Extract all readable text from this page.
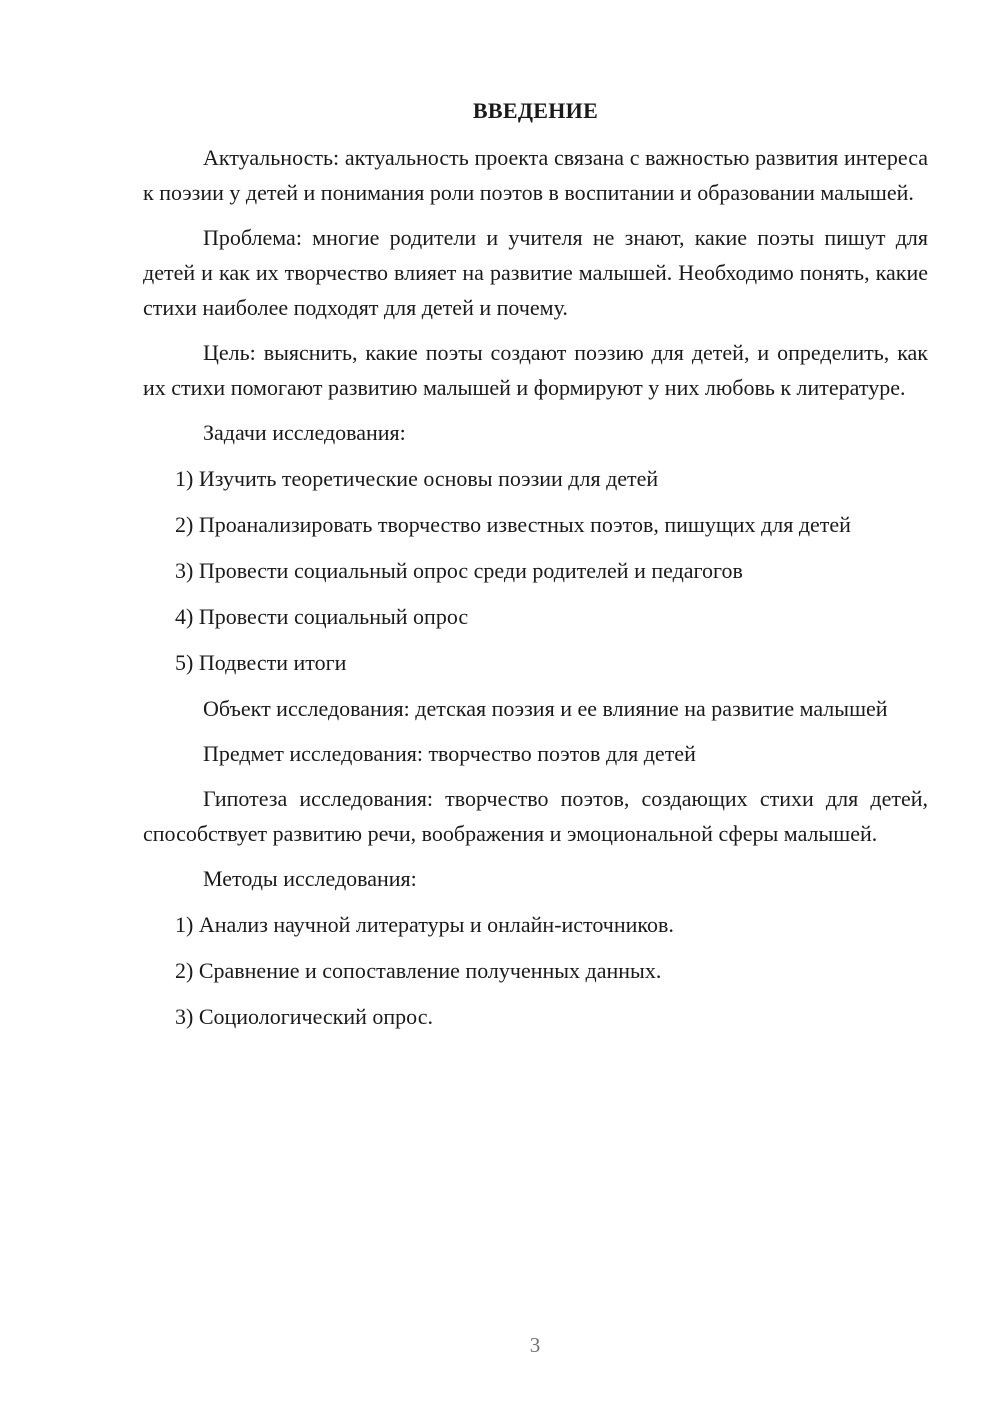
ВВЕДЕНИЕ

Актуальность: актуальность проекта связана с важностью развития интереса к поэзии у детей и понимания роли поэтов в воспитании и образовании малышей.

Проблема: многие родители и учителя не знают, какие поэты пишут для детей и как их творчество влияет на развитие малышей. Необходимо понять, какие стихи наиболее подходят для детей и почему.

Цель: выяснить, какие поэты создают поэзию для детей, и определить, как их стихи помогают развитию малышей и формируют у них любовь к литературе.

Задачи исследования:

1) Изучить теоретические основы поэзии для детей

2) Проанализировать творчество известных поэтов, пишущих для детей

3) Провести социальный опрос среди родителей и педагогов

4) Провести социальный опрос

5) Подвести итоги

Объект исследования: детская поэзия и ее влияние на развитие малышей

Предмет исследования: творчество поэтов для детей

Гипотеза исследования: творчество поэтов, создающих стихи для детей, способствует развитию речи, воображения и эмоциональной сферы малышей.

Методы исследования:

1) Анализ научной литературы и онлайн-источников.

2) Сравнение и сопоставление полученных данных.

3) Социологический опрос.

3
